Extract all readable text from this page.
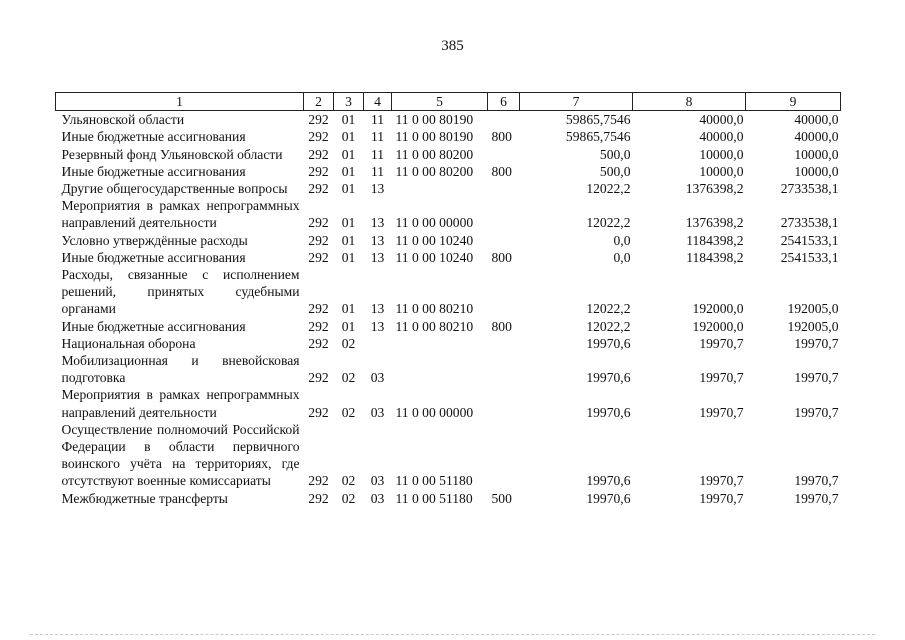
385
1	2	3	4	5	6	7	8	9
Ульяновской области	292	01	11	11 0 00 80190		59865,7546	40000,0	40000,0
Иные бюджетные ассигнования	292	01	11	11 0 00 80190	800	59865,7546	40000,0	40000,0
Резервный фонд Ульяновской области	292	01	11	11 0 00 80200		500,0	10000,0	10000,0
Иные бюджетные ассигнования	292	01	11	11 0 00 80200	800	500,0	10000,0	10000,0
Другие общегосударственные вопросы	292	01	13			12022,2	1376398,2	2733538,1
Мероприятия в рамках непрограммных направлений деятельности	292	01	13	11 0 00 00000		12022,2	1376398,2	2733538,1
Условно утверждённые расходы	292	01	13	11 0 00 10240		0,0	1184398,2	2541533,1
Иные бюджетные ассигнования	292	01	13	11 0 00 10240	800	0,0	1184398,2	2541533,1
Расходы, связанные с исполнением решений, принятых судебными органами	292	01	13	11 0 00 80210		12022,2	192000,0	192005,0
Иные бюджетные ассигнования	292	01	13	11 0 00 80210	800	12022,2	192000,0	192005,0
Национальная оборона	292	02				19970,6	19970,7	19970,7
Мобилизационная и вневойсковая подготовка	292	02	03			19970,6	19970,7	19970,7
Мероприятия в рамках непрограммных направлений деятельности	292	02	03	11 0 00 00000		19970,6	19970,7	19970,7
Осуществление полномочий Российской Федерации в области первичного воинского учёта на территориях, где отсутствуют военные комиссариаты	292	02	03	11 0 00 51180		19970,6	19970,7	19970,7
Межбюджетные трансферты	292	02	03	11 0 00 51180	500	19970,6	19970,7	19970,7
